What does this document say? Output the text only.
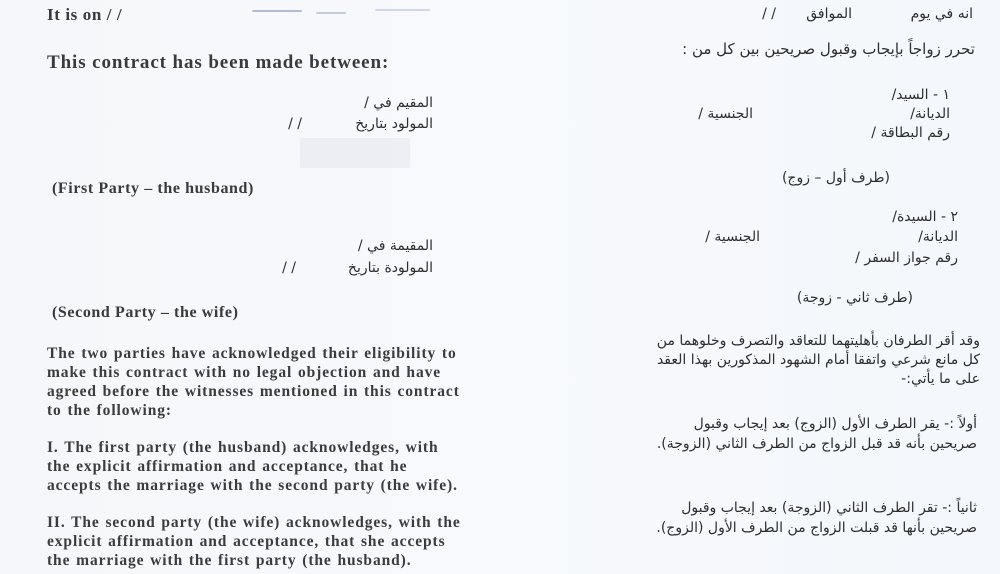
It is on / /
This contract has been made between:
المقيم في /
المولود بتاريخ
/ /
(First Party – the husband)
المقيمة في /
المولودة بتاريخ
/ /
(Second Party – the wife)
The two parties have acknowledged their eligibility to
make this contract with no legal objection and have
agreed before the witnesses mentioned in this contract
to the following:
I. The first party (the husband) acknowledges, with
the explicit affirmation and acceptance, that he
accepts the marriage with the second party (the wife).
II. The second party (the wife) acknowledges, with the
explicit affirmation and acceptance, that she accepts
the marriage with the first party (the husband).
انه في يوم
الموافق
/ /
تحرر زواجاً بإيجاب وقبول صريحين بين كل من :
١ - السيد/
الديانة/
الجنسية /
رقم البطاقة /
(طرف أول – زوج)
٢ - السيدة/
الديانة/
الجنسية /
رقم جواز السفر /
(طرف ثاني - زوجة)
وقد أقر الطرفان بأهليتهما للتعاقد والتصرف وخلوهما من
كل مانع شرعي واتفقا أمام الشهود المذكورين بهذا العقد
على ما يأتي:-
أولاً :- يقر الطرف الأول (الزوج) بعد إيجاب وقبول
صريحين بأنه قد قبل الزواج من الطرف الثاني (الزوجة).
ثانياً :- تقر الطرف الثاني (الزوجة) بعد إيجاب وقبول
صريحين بأنها قد قبلت الزواج من الطرف الأول (الزوج).
